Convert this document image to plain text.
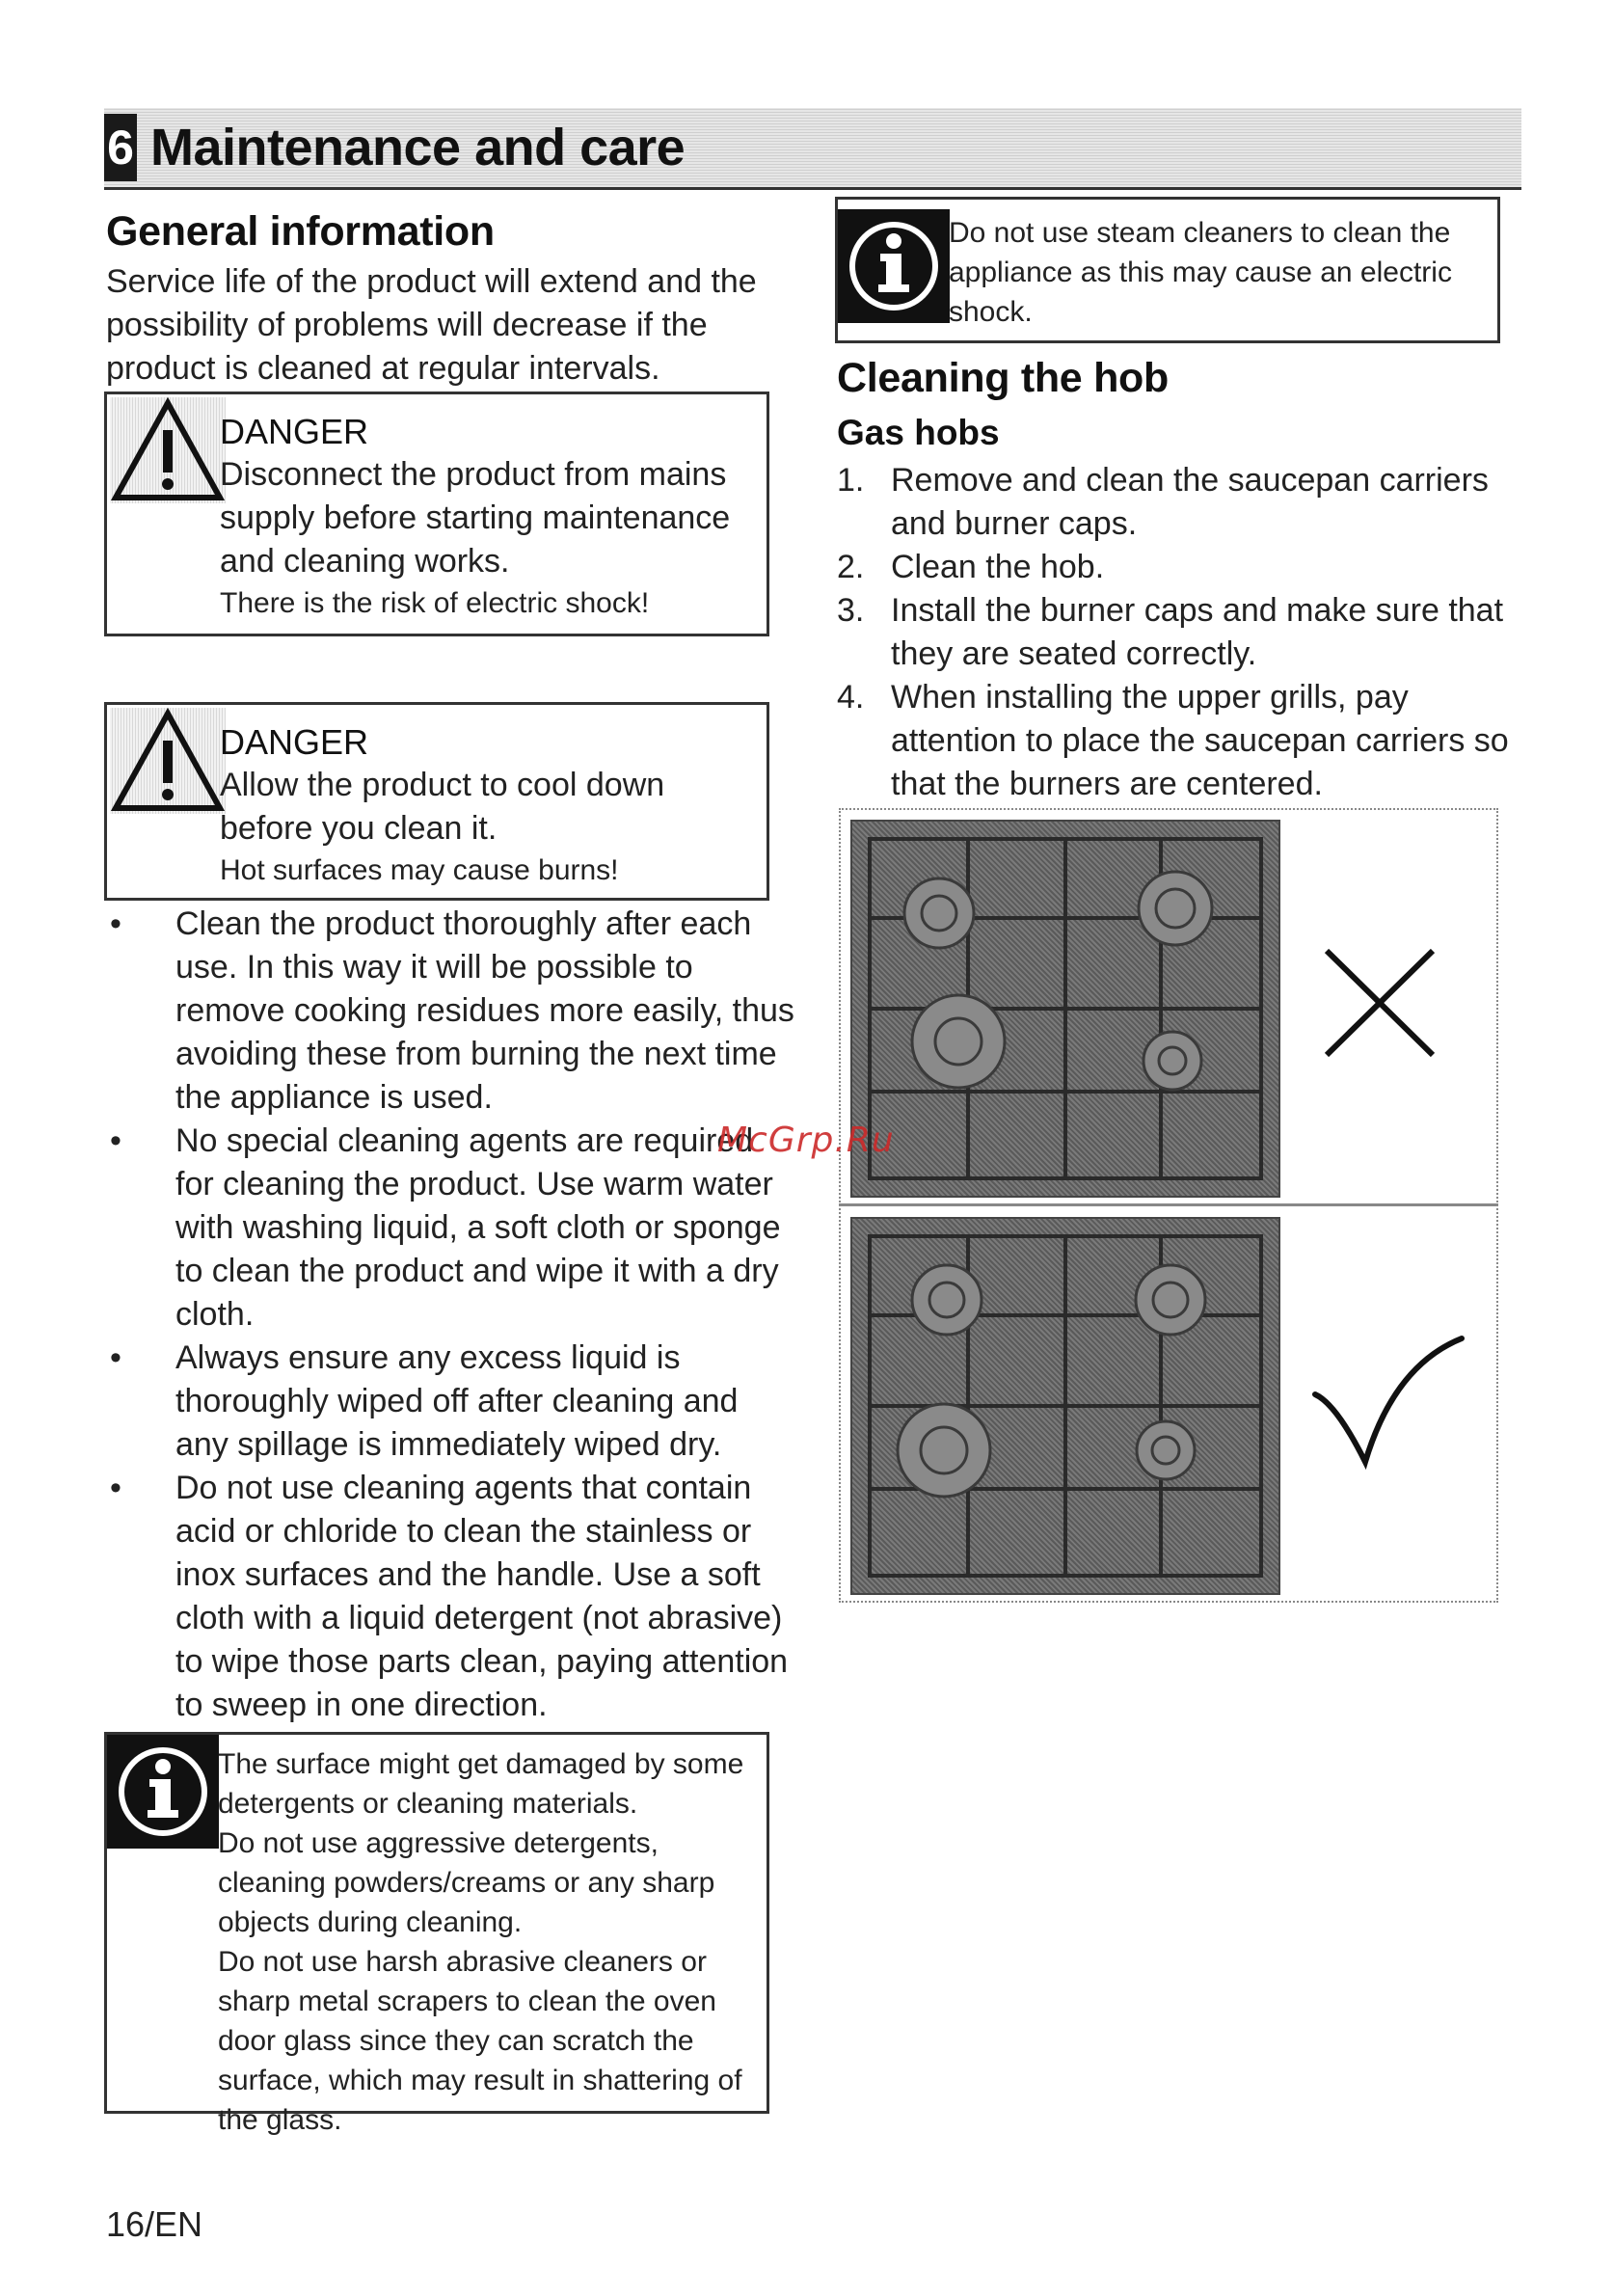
6 Maintenance and care
General information
Service life of the product will extend and the possibility of problems will decrease if the product is cleaned at regular intervals.
DANGER
Disconnect the product from mains supply before starting maintenance and cleaning works.
There is the risk of electric shock!
DANGER
Allow the product to cool down before you clean it.
Hot surfaces may cause burns!
• Clean the product thoroughly after each use. In this way it will be possible to remove cooking residues more easily, thus avoiding these from burning the next time the appliance is used.
• No special cleaning agents are required for cleaning the product. Use warm water with washing liquid, a soft cloth or sponge to clean the product and wipe it with a dry cloth.
• Always ensure any excess liquid is thoroughly wiped off after cleaning and any spillage is immediately wiped dry.
• Do not use cleaning agents that contain acid or chloride to clean the stainless or inox surfaces and the handle. Use a soft cloth with a liquid detergent (not abrasive) to wipe those parts clean, paying attention to sweep in one direction.
The surface might get damaged by some detergents or cleaning materials.
Do not use aggressive detergents, cleaning powders/creams or any sharp objects during cleaning.
Do not use harsh abrasive cleaners or sharp metal scrapers to clean the oven door glass since they can scratch the surface, which may result in shattering of the glass.
Do not use steam cleaners to clean the appliance as this may cause an electric shock.
Cleaning the hob
Gas hobs
1. Remove and clean the saucepan carriers and burner caps.
2. Clean the hob.
3. Install the burner caps and make sure that they are seated correctly.
4. When installing the upper grills, pay attention to place the saucepan carriers so that the burners are centered.
McGrp.Ru
16/EN
